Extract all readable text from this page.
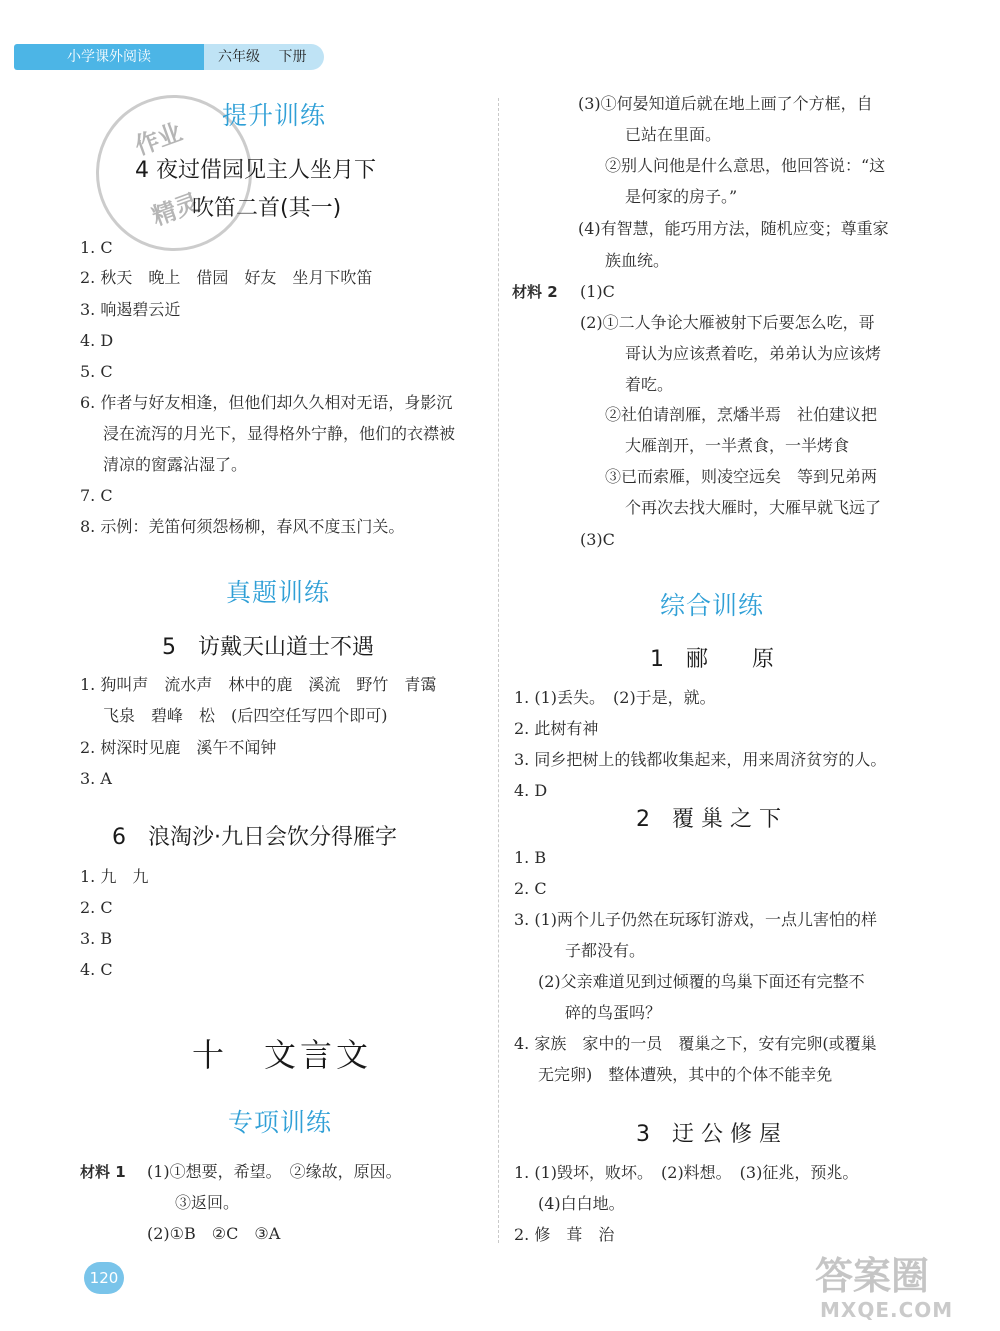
小学课外阅读	六年级 下册
作业
精灵
提升训练
4 夜过借园见主人坐月下
吹笛二首(其一)
1. C
2. 秋天　晚上　借园　好友　坐月下吹笛
3. 响遏碧云近
4. D
5. C
6. 作者与好友相逢，但他们却久久相对无语，身影沉
浸在流泻的月光下，显得格外宁静，他们的衣襟被
清凉的窗露沾湿了。
7. C
8. 示例：羌笛何须怨杨柳，春风不度玉门关。
真题训练
5　访戴天山道士不遇
1. 狗叫声　流水声　林中的鹿　溪流　野竹　青霭
飞泉　碧峰　松　(后四空任写四个即可)
2. 树深时见鹿　溪午不闻钟
3. A
6　浪淘沙·九日会饮分得雁字
1. 九　九
2. C
3. B
4. C
十　文言文
专项训练
材料 1 (1)①想要，希望。　②缘故，原因。
③返回。
(2)①B　②C　③A
(3)①何晏知道后就在地上画了个方框，自
已站在里面。
②别人问他是什么意思，他回答说：“这
是何家的房子。”
(4)有智慧，能巧用方法，随机应变；尊重家
族血统。
材料 2 (1)C
(2)①二人争论大雁被射下后要怎么吃，哥
哥认为应该煮着吃，弟弟认为应该烤
着吃。
②社伯请剖雁，烹燔半焉　社伯建议把
大雁剖开，一半煮食，一半烤食
③已而索雁，则凌空远矣　等到兄弟两
个再次去找大雁时，大雁早就飞远了
(3)C
综合训练
1　郦　　原
1. (1)丢失。　(2)于是，就。
2. 此树有神
3. 同乡把树上的钱都收集起来，用来周济贫穷的人。
4. D
2　覆 巢 之 下
1. B
2. C
3. (1)两个儿子仍然在玩琢钉游戏，一点儿害怕的样
子都没有。
(2)父亲难道见到过倾覆的鸟巢下面还有完整不
碎的鸟蛋吗？
4. 家族　家中的一员　覆巢之下，安有完卵(或覆巢
无完卵)　整体遭殃，其中的个体不能幸免
3　迂 公 修 屋
1. (1)毁坏，败坏。　(2)料想。　(3)征兆，预兆。
(4)白白地。
2. 修　葺　治
120	答案圈
MXQE.COM
